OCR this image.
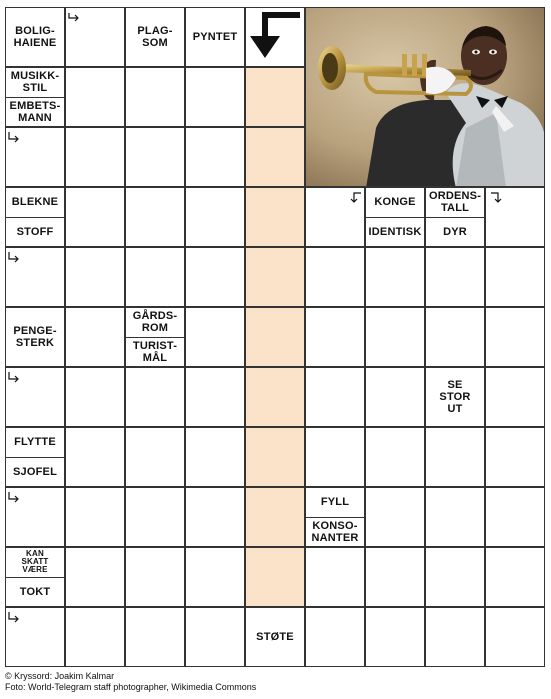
BOLIG-
HAIENE
PLAG-
SOM	PYNTET
MUSIKK-
STIL
EMBETS-
MANN
BLEKNE
STOFF
KONGE
IDENTISK
ORDENS-
TALL
DYR
PENGE-
STERK
GÅRDS-
ROM
TURIST-
MÅL
SE
STOR
UT
FLYTTE
SJOFEL
FYLL
KONSO-
NANTER
KAN
SKATT
VÆRE
TOKT
STØTE
© Kryssord: Joakim Kalmar
Foto: World-Telegram staff photographer, Wikimedia Commons
